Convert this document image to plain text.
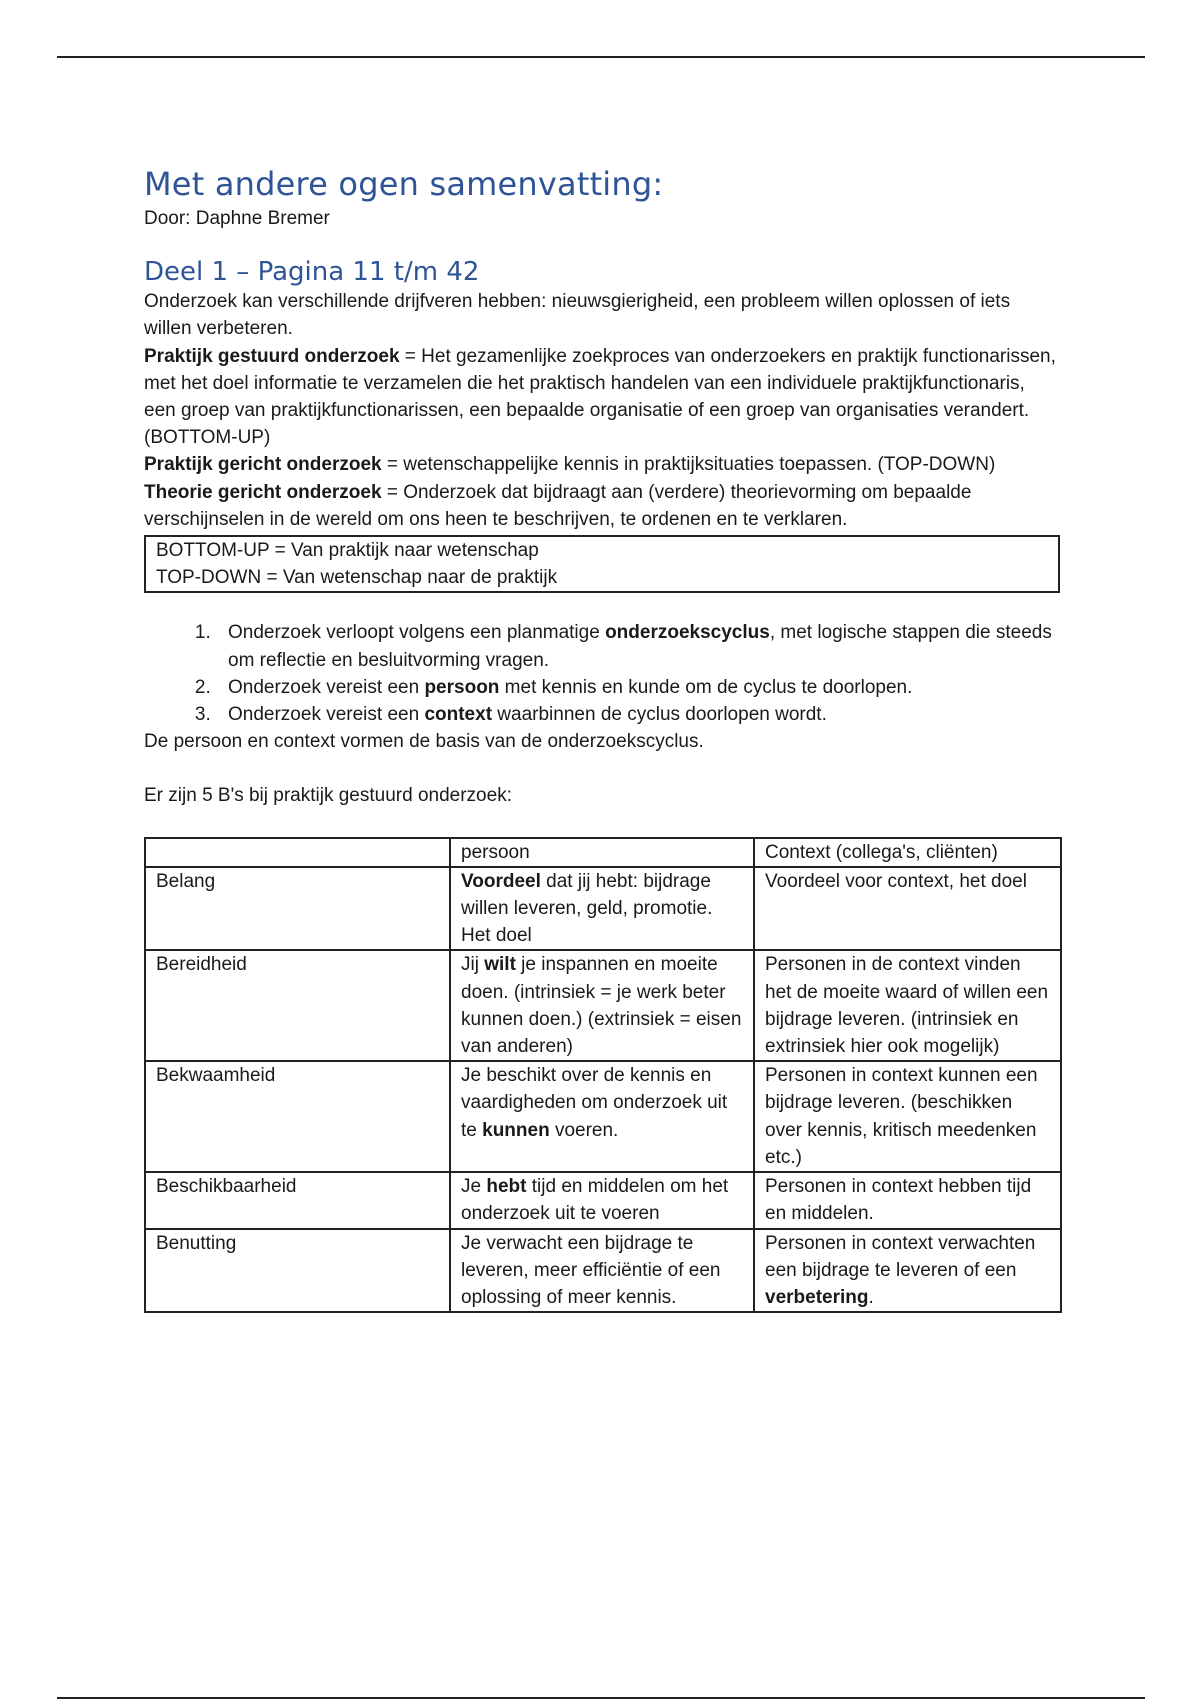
Met andere ogen samenvatting:

Door: Daphne Bremer

Deel 1 – Pagina 11 t/m 42

Onderzoek kan verschillende drijfveren hebben: nieuwsgierigheid, een probleem willen oplossen of iets willen verbeteren.

Praktijk gestuurd onderzoek = Het gezamenlijke zoekproces van onderzoekers en praktijk functionarissen, met het doel informatie te verzamelen die het praktisch handelen van een individuele praktijkfunctionaris, een groep van praktijkfunctionarissen, een bepaalde organisatie of een groep van organisaties verandert. (BOTTOM-UP)

Praktijk gericht onderzoek = wetenschappelijke kennis in praktijksituaties toepassen. (TOP-DOWN)

Theorie gericht onderzoek = Onderzoek dat bijdraagt aan (verdere) theorievorming om bepaalde verschijnselen in de wereld om ons heen te beschrijven, te ordenen en te verklaren.

BOTTOM-UP = Van praktijk naar wetenschap

TOP-DOWN = Van wetenschap naar de praktijk

1. Onderzoek verloopt volgens een planmatige onderzoekscyclus, met logische stappen die steeds om reflectie en besluitvorming vragen.
2. Onderzoek vereist een persoon met kennis en kunde om de cyclus te doorlopen.
3. Onderzoek vereist een context waarbinnen de cyclus doorlopen wordt.

De persoon en context vormen de basis van de onderzoekscyclus.

Er zijn 5 B's bij praktijk gestuurd onderzoek:

	persoon	Context (collega's, cliënten)
Belang	Voordeel dat jij hebt: bijdrage willen leveren, geld, promotie. Het doel	Voordeel voor context, het doel
Bereidheid	Jij wilt je inspannen en moeite doen. (intrinsiek = je werk beter kunnen doen.) (extrinsiek = eisen van anderen)	Personen in de context vinden het de moeite waard of willen een bijdrage leveren. (intrinsiek en extrinsiek hier ook mogelijk)
Bekwaamheid	Je beschikt over de kennis en vaardigheden om onderzoek uit te kunnen voeren.	Personen in context kunnen een bijdrage leveren. (beschikken over kennis, kritisch meedenken etc.)
Beschikbaarheid	Je hebt tijd en middelen om het onderzoek uit te voeren	Personen in context hebben tijd en middelen.
Benutting	Je verwacht een bijdrage te leveren, meer efficiëntie of een oplossing of meer kennis.	Personen in context verwachten een bijdrage te leveren of een verbetering.
